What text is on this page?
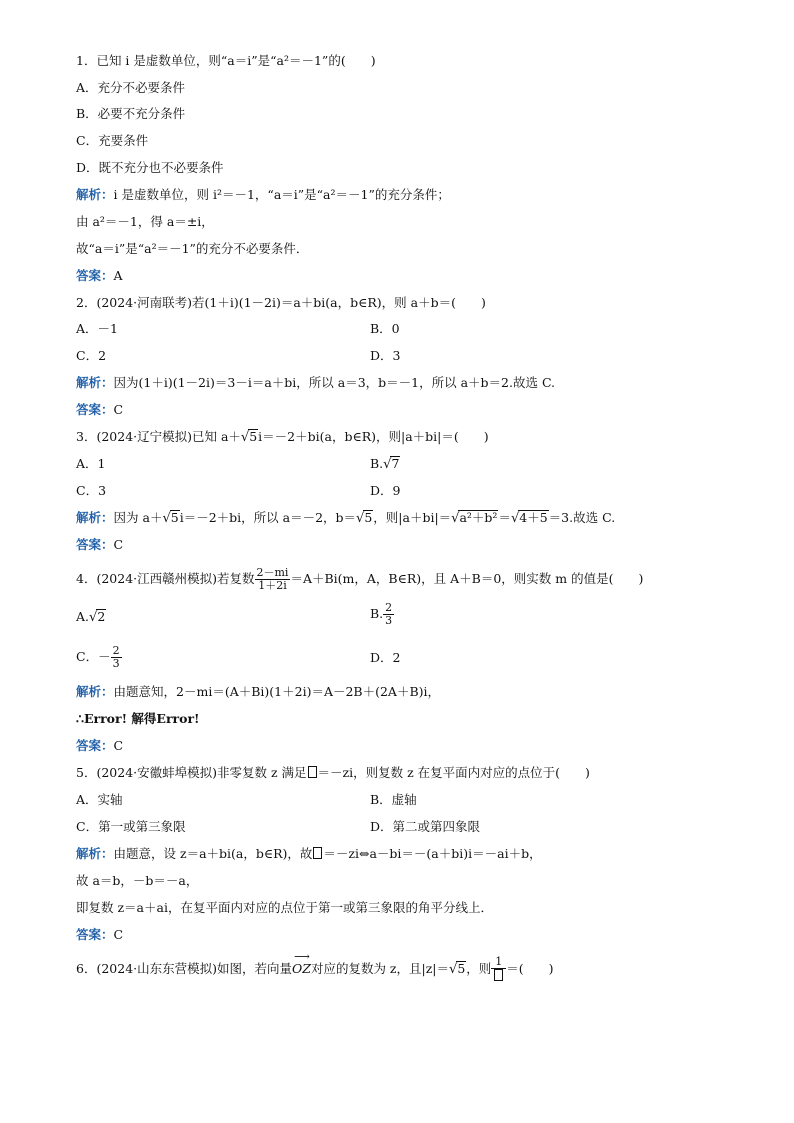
1．已知 i 是虚数单位，则“a＝i”是“a²＝－1”的(　　)
A．充分不必要条件
B．必要不充分条件
C．充要条件
D．既不充分也不必要条件
解析：i 是虚数单位，则 i²＝－1，“a＝i”是“a²＝－1”的充分条件；
由 a²＝－1，得 a＝±i，
故“a＝i”是“a²＝－1”的充分不必要条件．
答案：A
2．(2024·河南联考)若(1＋i)(1－2i)＝a＋bi(a，b∈R)，则 a＋b＝(　　)
A．－1	B．0
C．2	D．3
解析：因为(1＋i)(1－2i)＝3－i＝a＋bi，所以 a＝3，b＝－1，所以 a＋b＝2.故选 C.
答案：C
3．(2024·辽宁模拟)已知 a＋√5i＝－2＋bi(a，b∈R)，则|a＋bi|＝(　　)
A．1	B.√7
C．3	D．9
解析：因为 a＋√5i＝－2＋bi，所以 a＝－2，b＝√5，则|a＋bi|＝√a²＋b²＝√4＋5＝3.故选 C.
答案：C
4．(2024·江西赣州模拟)若复数 $\frac{2-mi}{1+2i} =A+Bi(m$，A，B∈R)，且 A＋B＝0，则实数 m 的值是(　　)
A.√2	B. $\frac{2}{3}$
C．－ $\frac{2}{3}$	D．2
解析：由题意知，2－mi＝(A＋Bi)(1＋2i)＝A－2B＋(2A＋B)i，
∴Error! 解得Error!
答案：C
5．(2024·安徽蚌埠模拟)非零复数 z 满足 ＝－zi，则复数 z 在复平面内对应的点位于(　　)
A．实轴	B．虚轴
C．第一或第三象限	D．第二或第四象限
解析：由题意，设 z＝a＋bi(a，b∈R)，故 ＝－zi⇔a－bi＝－(a＋bi)i＝－ai＋b，
故 a＝b，－b＝－a，
即复数 z＝a＋ai，在复平面内对应的点位于第一或第三象限的角平分线上．
答案：C
6．(2024·山东东营模拟)如图，若向量
⟶
OZ对应的复数为 z，且|z|＝√5，则 1 ＝(　　)
